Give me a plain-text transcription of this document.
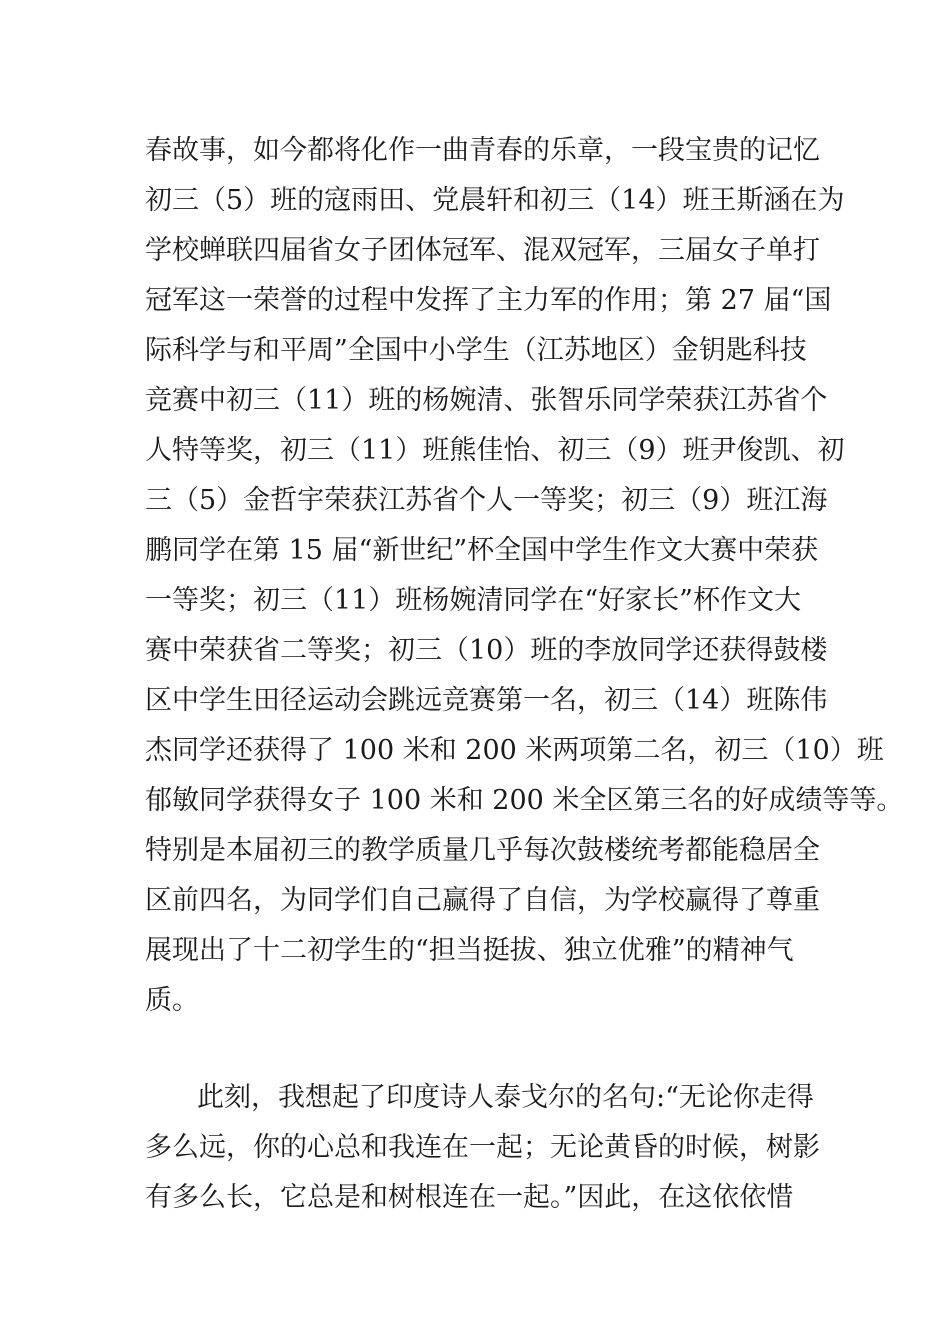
春故事，如今都将化作一曲青春的乐章，一段宝贵的记忆
初三（5）班的寇雨田、党晨轩和初三（14）班王斯涵在为
学校蝉联四届省女子团体冠军、混双冠军，三届女子单打
冠军这一荣誉的过程中发挥了主力军的作用；第 27 届“国
际科学与和平周”全国中小学生（江苏地区）金钥匙科技
竞赛中初三（11）班的杨婉清、张智乐同学荣获江苏省个
人特等奖，初三（11）班熊佳怡、初三（9）班尹俊凯、初
三（5）金哲宇荣获江苏省个人一等奖；初三（9）班江海
鹏同学在第 15 届“新世纪”杯全国中学生作文大赛中荣获
一等奖；初三（11）班杨婉清同学在“好家长”杯作文大
赛中荣获省二等奖；初三（10）班的李放同学还获得鼓楼
区中学生田径运动会跳远竞赛第一名，初三（14）班陈伟
杰同学还获得了 100 米和 200 米两项第二名，初三（10）班
郁敏同学获得女子 100 米和 200 米全区第三名的好成绩等等。
特别是本届初三的教学质量几乎每次鼓楼统考都能稳居全
区前四名，为同学们自己赢得了自信，为学校赢得了尊重
展现出了十二初学生的“担当挺拔、独立优雅”的精神气
质。
此刻，我想起了印度诗人泰戈尔的名句:“无论你走得
多么远，你的心总和我连在一起；无论黄昏的时候，树影
有多么长，它总是和树根连在一起。”因此，在这依依惜
